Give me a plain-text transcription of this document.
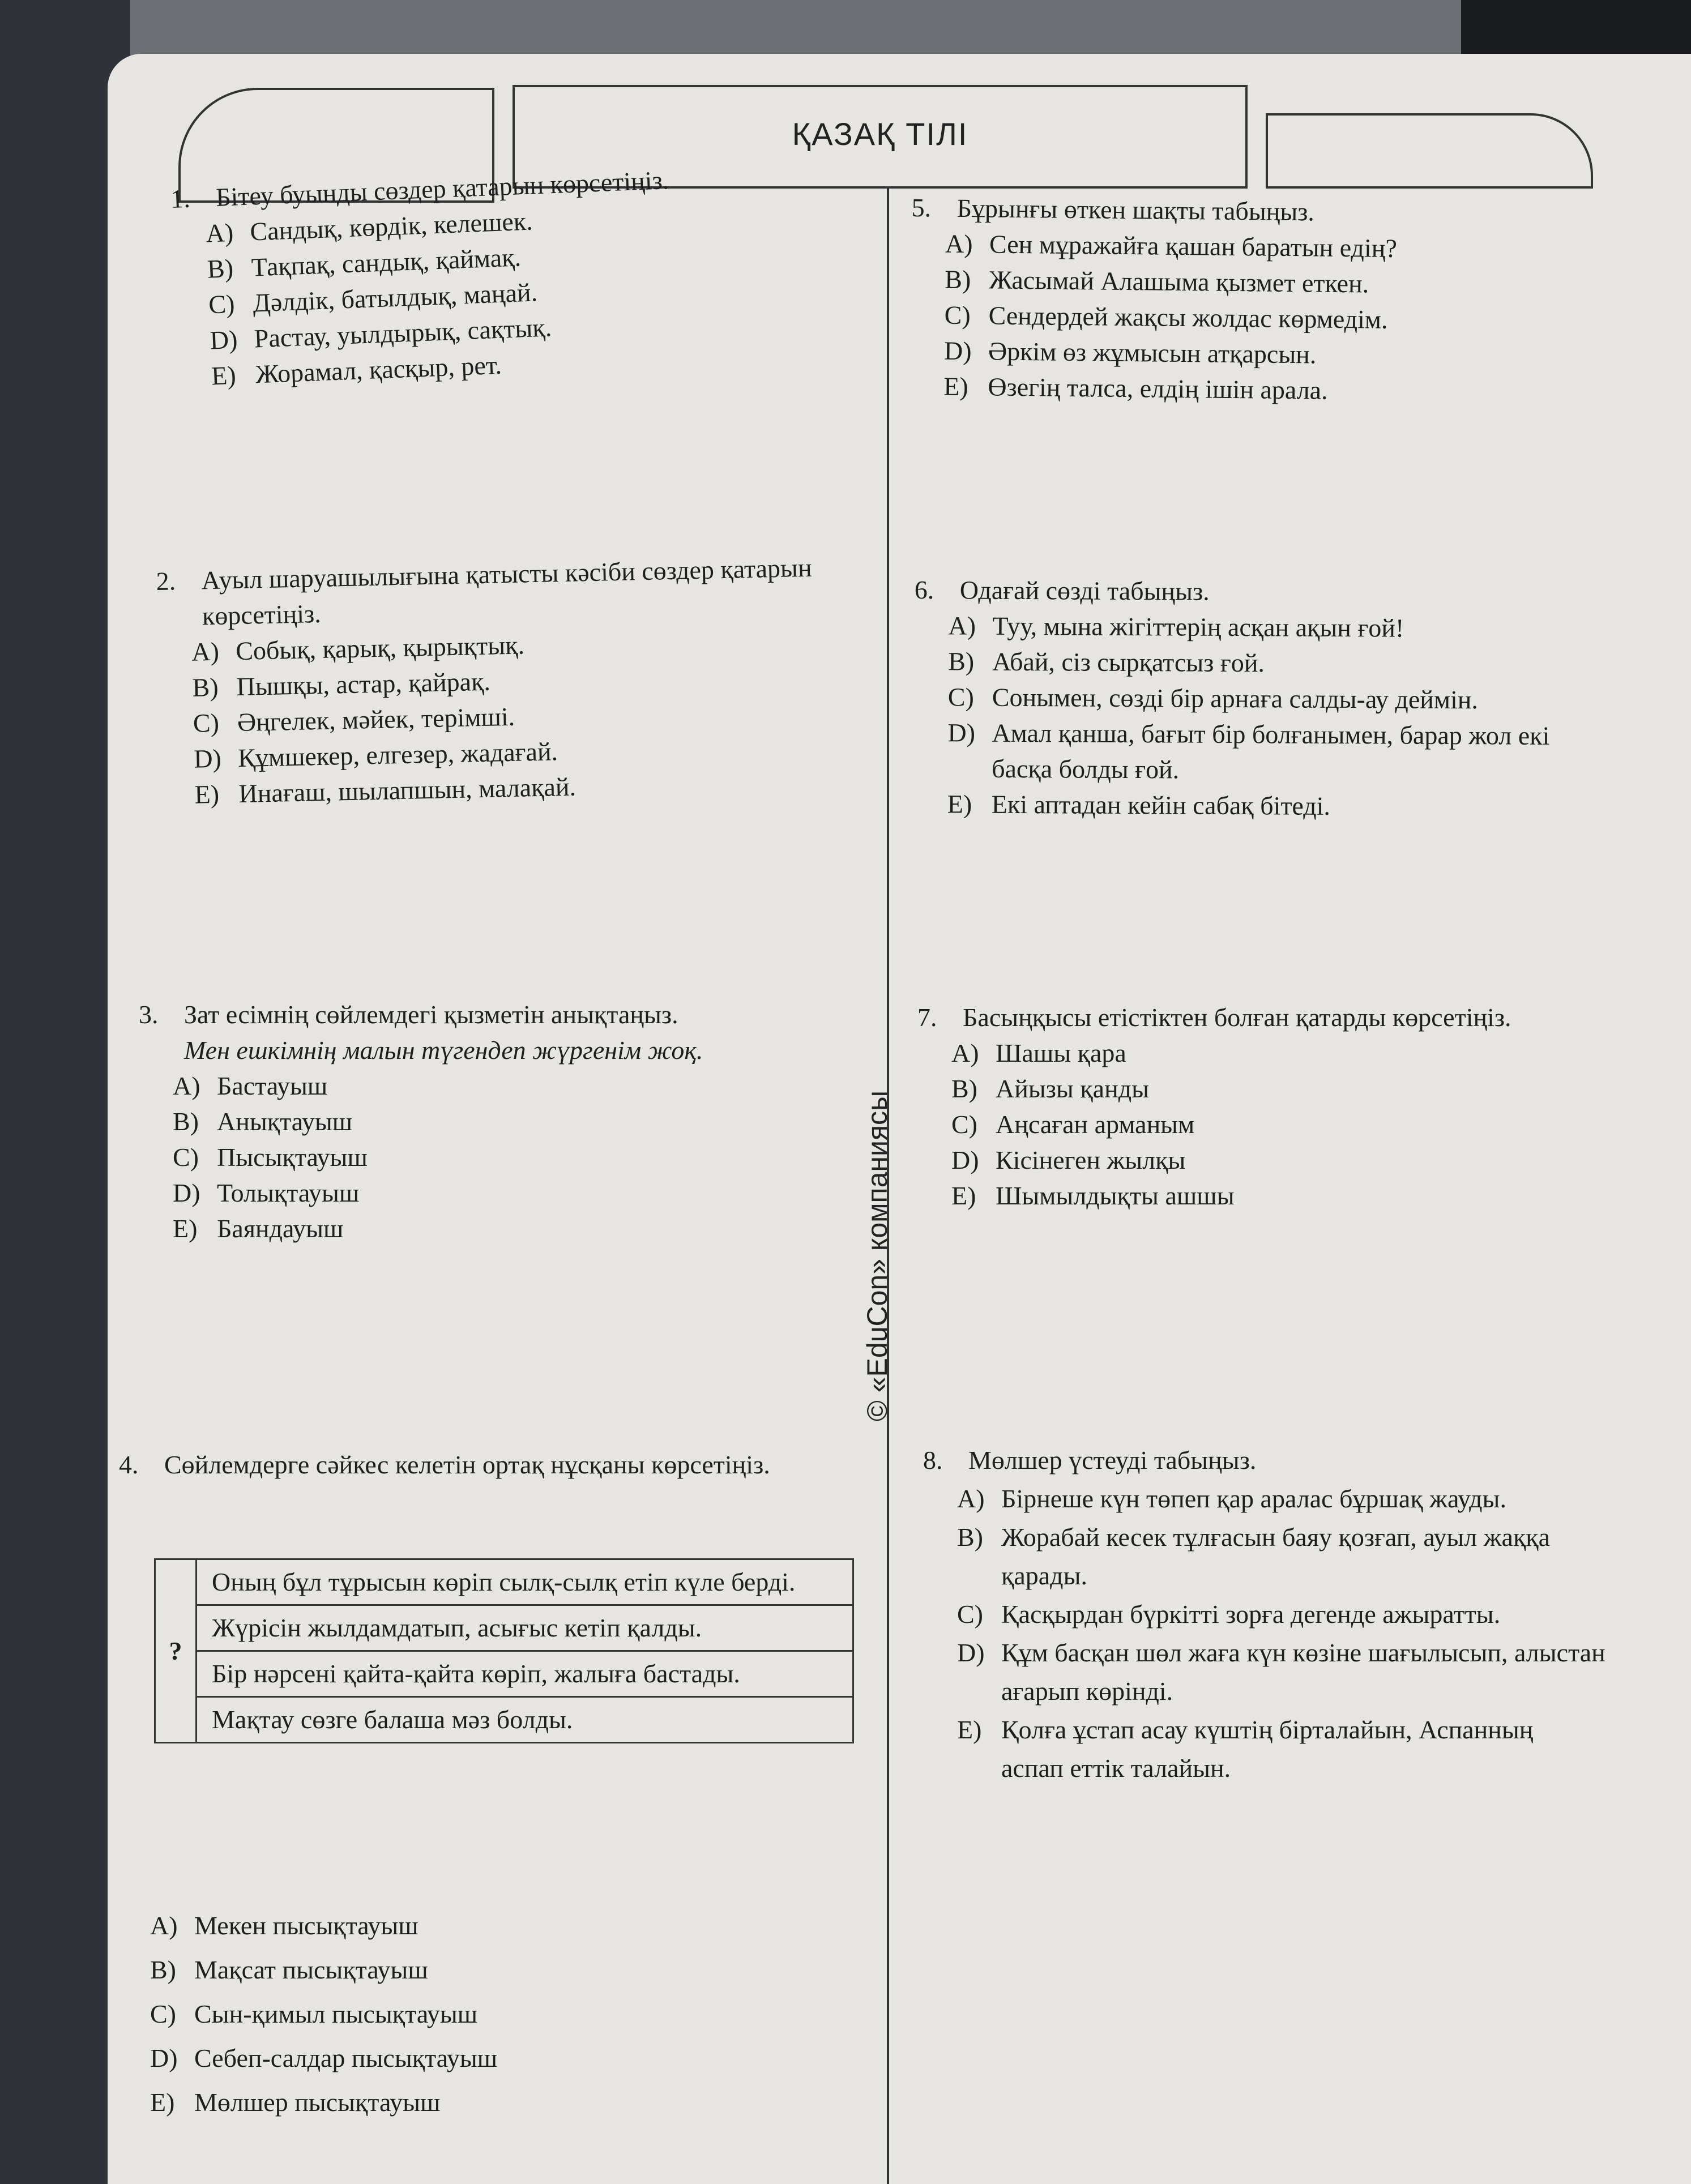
ҚАЗАҚ ТІЛІ
1. Бітеу буынды сөздер қатарын көрсетіңіз.
A) Сандық, көрдік, келешек.
B) Тақпақ, сандық, қаймақ.
C) Дәлдік, батылдық, маңай.
D) Растау, уылдырық, сақтық.
E) Жорамал, қасқыр, рет.
2. Ауыл шаруашылығына қатысты кәсіби сөздер қатарын көрсетіңіз.
A) Собық, қарық, қырықтық.
B) Пышқы, астар, қайрақ.
C) Әңгелек, мәйек, терімші.
D) Құмшекер, елгезер, жадағай.
E) Инағаш, шылапшын, малақай.
3. Зат есімнің сөйлемдегі қызметін анықтаңыз.
Мен ешкімнің малын түгендеп жүргенім жоқ.
A) Бастауыш
B) Анықтауыш
C) Пысықтауыш
D) Толықтауыш
E) Баяндауыш
4. Сөйлемдерге сәйкес келетін ортақ нұсқаны көрсетіңіз.
?	Оның бұл тұрысын көріп сылқ-сылқ етіп күле берді.
Жүрісін жылдамдатып, асығыс кетіп қалды.
Бір нәрсені қайта-қайта көріп, жалыға бастады.
Мақтау сөзге балаша мәз болды.
A) Мекен пысықтауыш
B) Мақсат пысықтауыш
C) Сын-қимыл пысықтауыш
D) Себеп-салдар пысықтауыш
E) Мөлшер пысықтауыш
5. Бұрынғы өткен шақты табыңыз.
A) Сен мұражайға қашан баратын едің?
B) Жасымай Алашыма қызмет еткен.
C) Сендердей жақсы жолдас көрмедім.
D) Әркім өз жұмысын атқарсын.
E) Өзегің талса, елдің ішін арала.
6. Одағай сөзді табыңыз.
A) Туу, мына жігіттерің асқан ақын ғой!
B) Абай, сіз сырқатсыз ғой.
C) Сонымен, сөзді бір арнаға салды-ау деймін.
D) Амал қанша, бағыт бір болғанымен, барар жол екі басқа болды ғой.
E) Екі аптадан кейін сабақ бітеді.
7. Басыңқысы етістіктен болған қатарды көрсетіңіз.
A) Шашы қара
B) Айызы қанды
C) Аңсаған арманым
D) Кісінеген жылқы
E) Шымылдықты ашшы
8. Мөлшер үстеуді табыңыз.
A) Бірнеше күн төпеп қар аралас бұршақ жауды.
B) Жорабай кесек тұлғасын баяу қозғап, ауыл жаққа қарады.
C) Қасқырдан бүркітті зорға дегенде ажыратты.
D) Құм басқан шөл жаға күн көзіне шағылысып, алыстан ағарып көрінді.
E) Қолға ұстап асау күштің бірталайын, Аспанның аспап еттік талайын.
